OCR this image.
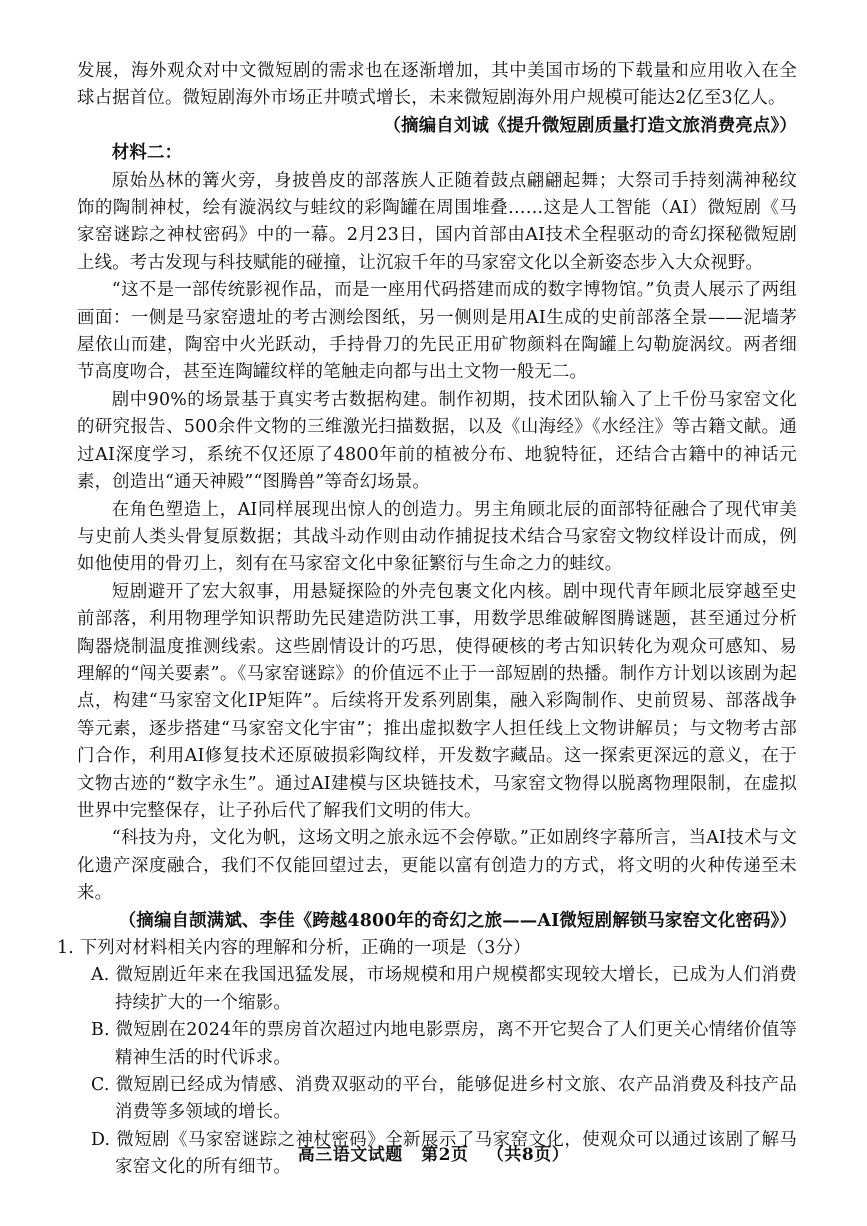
发展，海外观众对中文微短剧的需求也在逐渐增加，其中美国市场的下载量和应用收入在全球占据首位。微短剧海外市场正井喷式增长，未来微短剧海外用户规模可能达2亿至3亿人。

（摘编自刘诚《提升微短剧质量打造文旅消费亮点》）

材料二：

原始丛林的篝火旁，身披兽皮的部落族人正随着鼓点翩翩起舞；大祭司手持刻满神秘纹饰的陶制神杖，绘有漩涡纹与蛙纹的彩陶罐在周围堆叠……这是人工智能（AI）微短剧《马家窑谜踪之神杖密码》中的一幕。2月23日，国内首部由AI技术全程驱动的奇幻探秘微短剧上线。考古发现与科技赋能的碰撞，让沉寂千年的马家窑文化以全新姿态步入大众视野。

“这不是一部传统影视作品，而是一座用代码搭建而成的数字博物馆。”负责人展示了两组画面：一侧是马家窑遗址的考古测绘图纸，另一侧则是用AI生成的史前部落全景——泥墙茅屋依山而建，陶窑中火光跃动，手持骨刀的先民正用矿物颜料在陶罐上勾勒旋涡纹。两者细节高度吻合，甚至连陶罐纹样的笔触走向都与出土文物一般无二。

剧中90%的场景基于真实考古数据构建。制作初期，技术团队输入了上千份马家窑文化的研究报告、500余件文物的三维激光扫描数据，以及《山海经》《水经注》等古籍文献。通过AI深度学习，系统不仅还原了4800年前的植被分布、地貌特征，还结合古籍中的神话元素，创造出“通天神殿”“图腾兽”等奇幻场景。

在角色塑造上，AI同样展现出惊人的创造力。男主角顾北辰的面部特征融合了现代审美与史前人类头骨复原数据；其战斗动作则由动作捕捉技术结合马家窑文物纹样设计而成，例如他使用的骨刃上，刻有在马家窑文化中象征繁衍与生命之力的蛙纹。

短剧避开了宏大叙事，用悬疑探险的外壳包裹文化内核。剧中现代青年顾北辰穿越至史前部落，利用物理学知识帮助先民建造防洪工事，用数学思维破解图腾谜题，甚至通过分析陶器烧制温度推测线索。这些剧情设计的巧思，使得硬核的考古知识转化为观众可感知、易理解的“闯关要素”。《马家窑谜踪》的价值远不止于一部短剧的热播。制作方计划以该剧为起点，构建“马家窑文化IP矩阵”。后续将开发系列剧集，融入彩陶制作、史前贸易、部落战争等元素，逐步搭建“马家窑文化宇宙”；推出虚拟数字人担任线上文物讲解员；与文物考古部门合作，利用AI修复技术还原破损彩陶纹样，开发数字藏品。这一探索更深远的意义，在于文物古迹的“数字永生”。通过AI建模与区块链技术，马家窑文物得以脱离物理限制，在虚拟世界中完整保存，让子孙后代了解我们文明的伟大。

“科技为舟，文化为帆，这场文明之旅永远不会停歇。”正如剧终字幕所言，当AI技术与文化遗产深度融合，我们不仅能回望过去，更能以富有创造力的方式，将文明的火种传递至未来。

（摘编自颉满斌、李佳《跨越4800年的奇幻之旅——AI微短剧解锁马家窑文化密码》）

1. 下列对材料相关内容的理解和分析，正确的一项是（3分）

A. 微短剧近年来在我国迅猛发展，市场规模和用户规模都实现较大增长，已成为人们消费持续扩大的一个缩影。

B. 微短剧在2024年的票房首次超过内地电影票房，离不开它契合了人们更关心情绪价值等精神生活的时代诉求。

C. 微短剧已经成为情感、消费双驱动的平台，能够促进乡村文旅、农产品消费及科技产品消费等多领域的增长。

D. 微短剧《马家窑谜踪之神杖密码》全新展示了马家窑文化，使观众可以通过该剧了解马家窑文化的所有细节。

高三语文试题 第2页 （共8页）
